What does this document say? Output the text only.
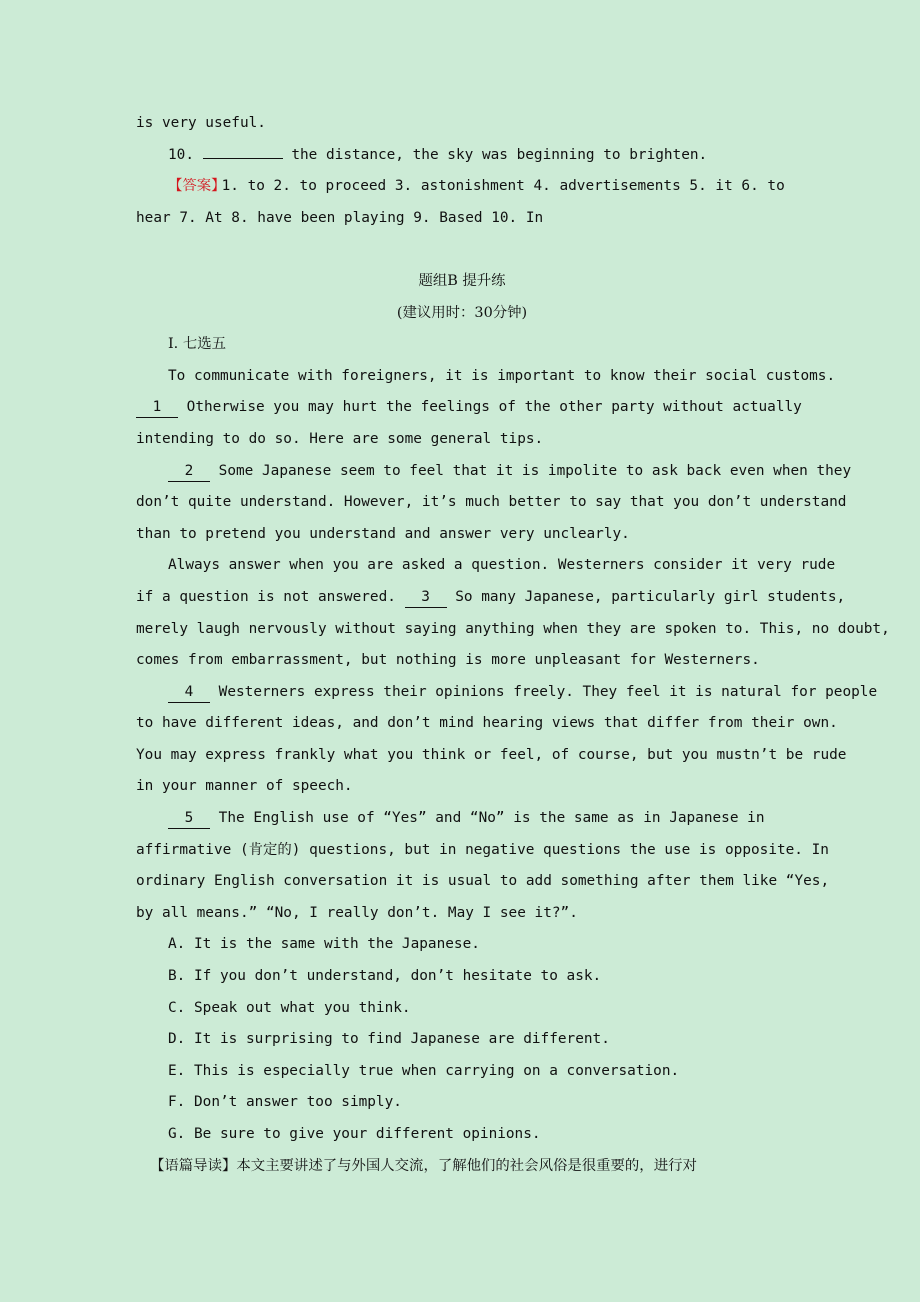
is very useful.
10.	the distance, the sky was beginning to brighten.
【答案】1. to 2. to proceed 3. astonishment 4. advertisements 5. it 6. to
hear 7. At 8. have been playing 9. Based 10. In
题组B 提升练
(建议用时：30分钟)
Ⅰ. 七选五
To communicate with foreigners, it is important to know their social customs.
1 Otherwise you may hurt the feelings of the other party without actually
intending to do so. Here are some general tips.
2 Some Japanese seem to feel that it is impolite to ask back even when they
don’t quite understand. However, it’s much better to say that you don’t understand
than to pretend you understand and answer very unclearly.
Always answer when you are asked a question. Westerners consider it very rude
if a question is not answered. 3 So many Japanese, particularly girl students,
merely laugh nervously without saying anything when they are spoken to. This, no doubt,
comes from embarrassment, but nothing is more unpleasant for Westerners.
4 Westerners express their opinions freely. They feel it is natural for people
to have different ideas, and don’t mind hearing views that differ from their own.
You may express frankly what you think or feel, of course, but you mustn’t be rude
in your manner of speech.
5 The English use of “Yes” and “No” is the same as in Japanese in
affirmative (肯定的) questions, but in negative questions the use is opposite. In
ordinary English conversation it is usual to add something after them like “Yes,
by all means.” “No, I really don’t. May I see it?”.
A. It is the same with the Japanese.
B. If you don’t understand, don’t hesitate to ask.
C. Speak out what you think.
D. It is surprising to find Japanese are different.
E. This is especially true when carrying on a conversation.
F. Don’t answer too simply.
G. Be sure to give your different opinions.
【语篇导读】本文主要讲述了与外国人交流，了解他们的社会风俗是很重要的，进行对
